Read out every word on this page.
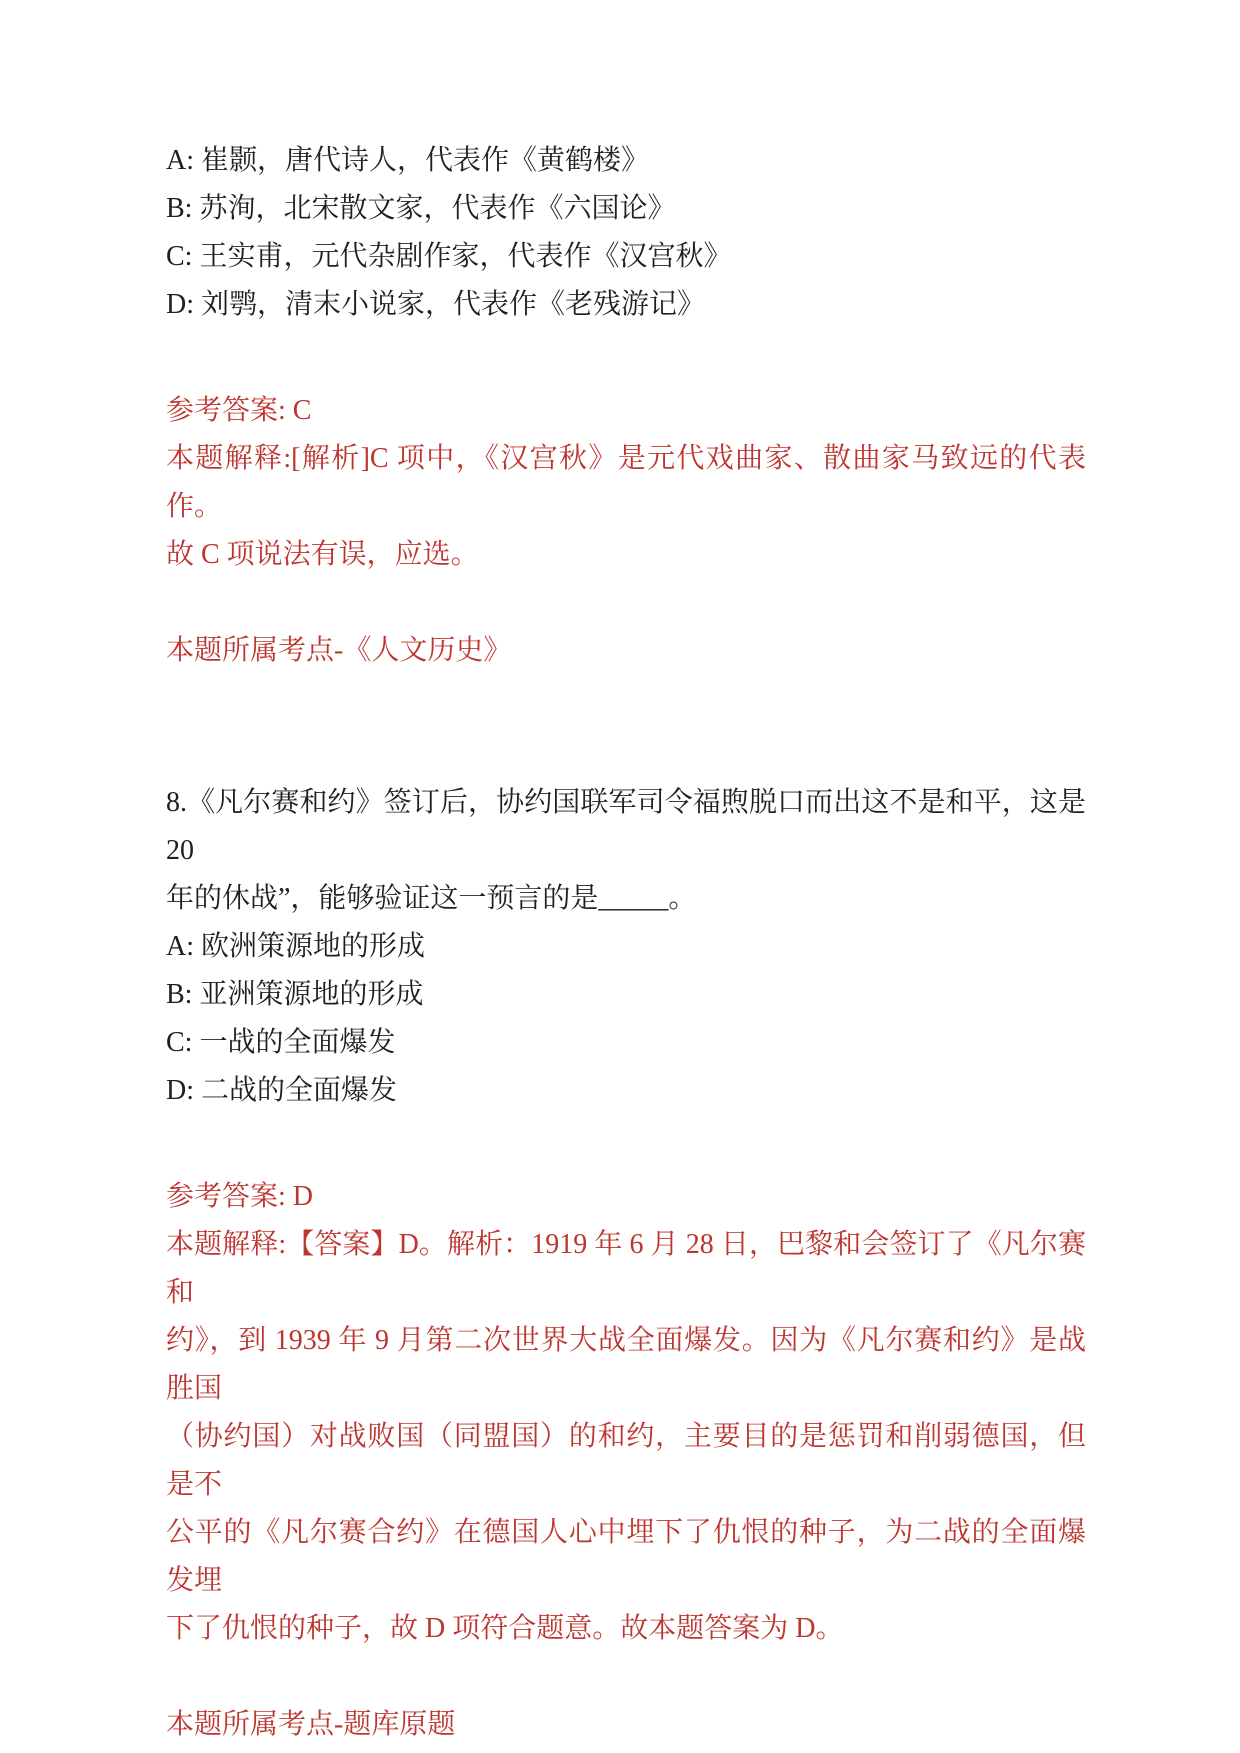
A: 崔颢，唐代诗人，代表作《黄鹤楼》

B: 苏洵，北宋散文家，代表作《六国论》

C: 王实甫，元代杂剧作家，代表作《汉宫秋》

D: 刘鹗，清末小说家，代表作《老残游记》

参考答案: C

本题解释:[解析]C 项中，《汉宫秋》是元代戏曲家、散曲家马致远的代表作。

故 C 项说法有误，应选。

本题所属考点-《人文历史》

8.《凡尔赛和约》签订后，协约国联军司令福煦脱口而出这不是和平，这是 20

年的休战”，能够验证这一预言的是_____。

A: 欧洲策源地的形成

B: 亚洲策源地的形成

C: 一战的全面爆发

D: 二战的全面爆发

参考答案: D

本题解释:【答案】D。解析：1919 年 6 月 28 日，巴黎和会签订了《凡尔赛和

约》，到 1939 年 9 月第二次世界大战全面爆发。因为《凡尔赛和约》是战胜国

（协约国）对战败国（同盟国）的和约，主要目的是惩罚和削弱德国，但是不

公平的《凡尔赛合约》在德国人心中埋下了仇恨的种子，为二战的全面爆发埋

下了仇恨的种子，故 D 项符合题意。故本题答案为 D。

本题所属考点-题库原题
